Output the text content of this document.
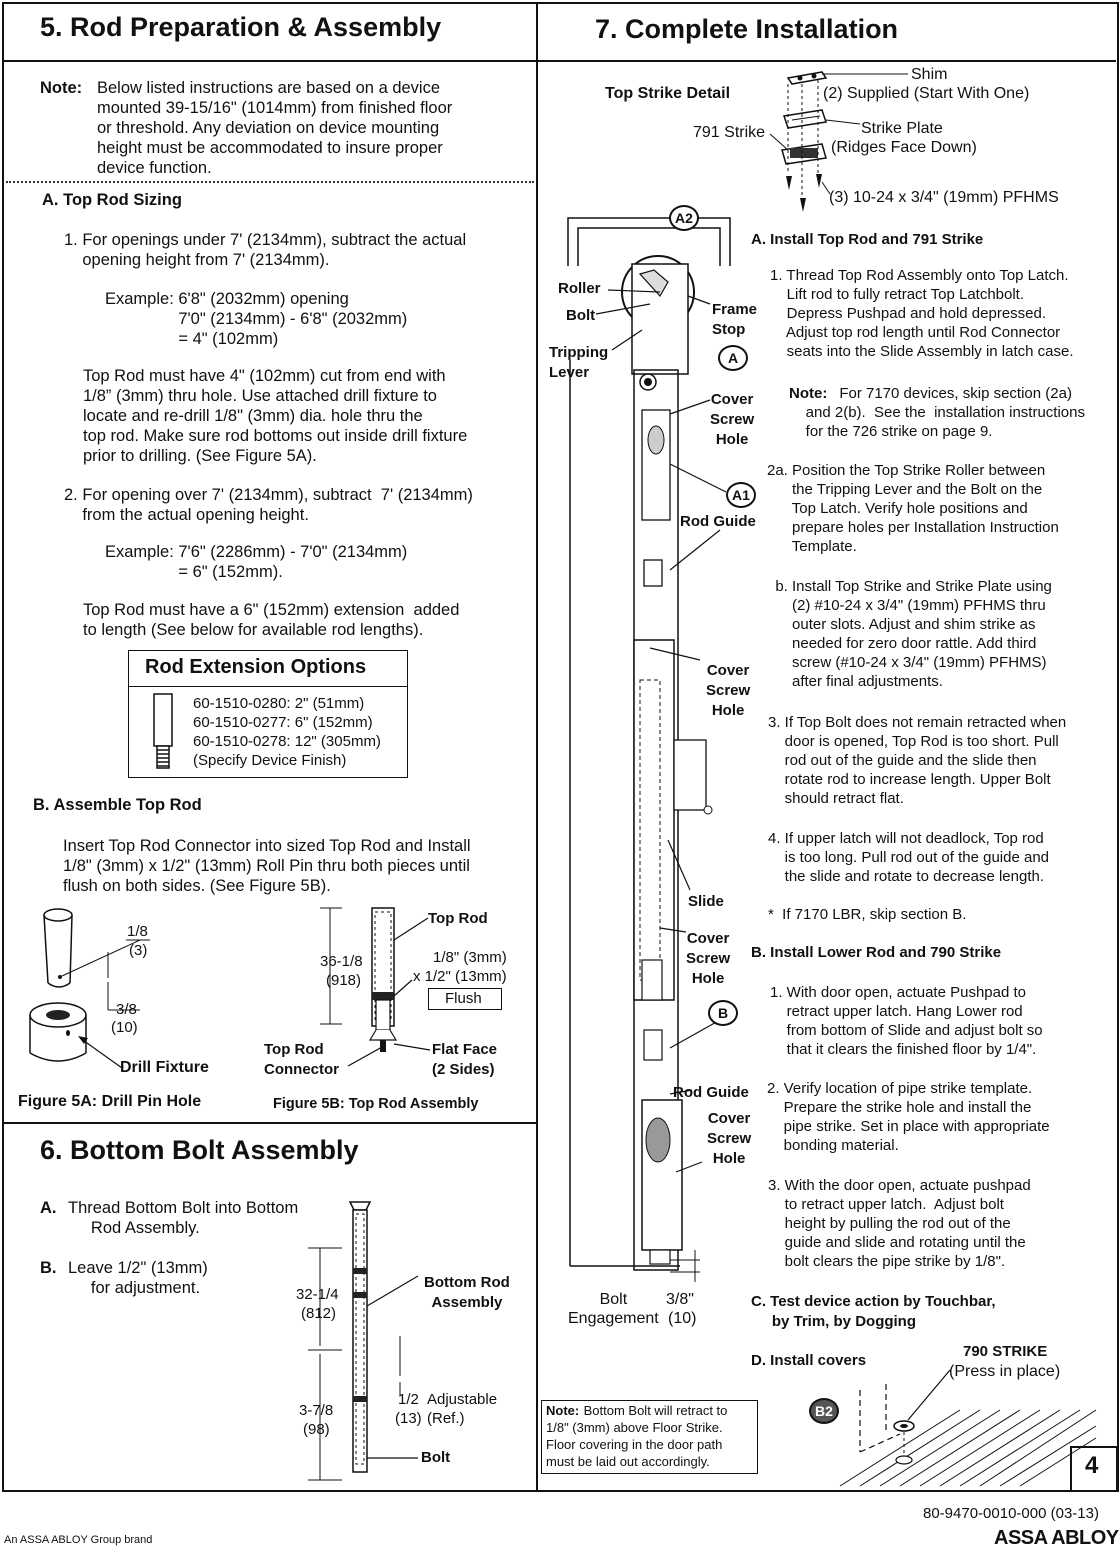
5. Rod Preparation & Assembly
Note: Below listed instructions are based on a device
mounted 39-15/16" (1014mm) from finished floor
or threshold. Any deviation on device mounting
height must be accommodated to insure proper
device function.
A. Top Rod Sizing
1. For openings under 7' (2134mm), subtract the actual
opening height from 7' (2134mm).
Example: 6'8" (2032mm) opening
7'0" (2134mm) - 6'8" (2032mm)
= 4" (102mm)
Top Rod must have 4" (102mm) cut from end with
1/8” (3mm) thru hole. Use attached drill fixture to
locate and re-drill 1/8" (3mm) dia. hole thru the
top rod. Make sure rod bottoms out inside drill fixture
prior to drilling. (See Figure 5A).
2. For opening over 7' (2134mm), subtract  7' (2134mm)
from the actual opening height.
Example: 7'6" (2286mm) - 7'0" (2134mm)
= 6" (152mm).
Top Rod must have a 6" (152mm) extension  added
to length (See below for available rod lengths).
Rod Extension Options
60-1510-0280: 2" (51mm)
60-1510-0277: 6" (152mm)
60-1510-0278: 12" (305mm)
(Specify Device Finish)
B. Assemble Top Rod
Insert Top Rod Connector into sized Top Rod and Install
1/8" (3mm) x 1/2" (13mm) Roll Pin thru both pieces until
flush on both sides. (See Figure 5B).
1/8
(3)
3/8
(10)
Drill Fixture
Figure 5A: Drill Pin Hole
Top Rod
36-1/8
(918)
1/8" (3mm)
x 1/2" (13mm)
Flush
Top Rod
Connector
Flat Face
(2 Sides)
Figure 5B: Top Rod Assembly
6. Bottom Bolt Assembly
A. Thread Bottom Bolt into Bottom
Rod Assembly.
B. Leave 1/2" (13mm)
for adjustment.	32-1/4
(812)
3-7/8
(98)
1/2
(13)
Adjustable
(Ref.)
Bottom Rod
Assembly
Bolt
7. Complete Installation
Top Strike Detail
Shim
(2) Supplied (Start With One)
791 Strike	Strike Plate
(Ridges Face Down)
(3) 10-24 x 3/4" (19mm) PFHMS
A2
Roller
Bolt	Frame
Stop
A
Tripping
Lever
Cover
Screw
Hole
A1
Rod Guide
Cover
Screw
Hole
Slide
Cover
Screw
Hole
B
Rod Guide
Cover
Screw
Hole
Bolt
Engagement
3/8"
(10)
A. Install Top Rod and 791 Strike
1. Thread Top Rod Assembly onto Top Latch.
Lift rod to fully retract Top Latchbolt.
Depress Pushpad and hold depressed.
Adjust top rod length until Rod Connector
seats into the Slide Assembly in latch case.
Note: For 7170 devices, skip section (2a)
and 2(b).  See the  installation instructions
for the 726 strike on page 9.
2a. Position the Top Strike Roller between
the Tripping Lever and the Bolt on the
Top Latch. Verify hole positions and
prepare holes per Installation Instruction
Template.
b. Install Top Strike and Strike Plate using
(2) #10-24 x 3/4" (19mm) PFHMS thru
outer slots. Adjust and shim strike as
needed for zero door rattle. Add third
screw (#10-24 x 3/4" (19mm) PFHMS)
after final adjustments.
3. If Top Bolt does not remain retracted when
door is opened, Top Rod is too short. Pull
rod out of the guide and the slide then
rotate rod to increase length. Upper Bolt
should retract flat.
4. If upper latch will not deadlock, Top rod
is too long. Pull rod out of the guide and
the slide and rotate to decrease length.
*  If 7170 LBR, skip section B.
B. Install Lower Rod and 790 Strike
1. With door open, actuate Pushpad to
retract upper latch. Hang Lower rod
from bottom of Slide and adjust bolt so
that it clears the finished floor by 1/4".
2. Verify location of pipe strike template.
Prepare the strike hole and install the
pipe strike. Set in place with appropriate
bonding material.
3. With the door open, actuate pushpad
to retract upper latch.  Adjust bolt
height by pulling the rod out of the
guide and slide and rotating until the
bolt clears the pipe strike by 1/8".
C. Test device action by Touchbar,
by Trim, by Dogging
D. Install covers
790 STRIKE
(Press in place)
B2
Note: Bottom Bolt will retract to
1/8" (3mm) above Floor Strike.
Floor covering in the door path
must be laid out accordingly.	4
80-9470-0010-000 (03-13)
An ASSA ABLOY Group brand	ASSA ABLOY
